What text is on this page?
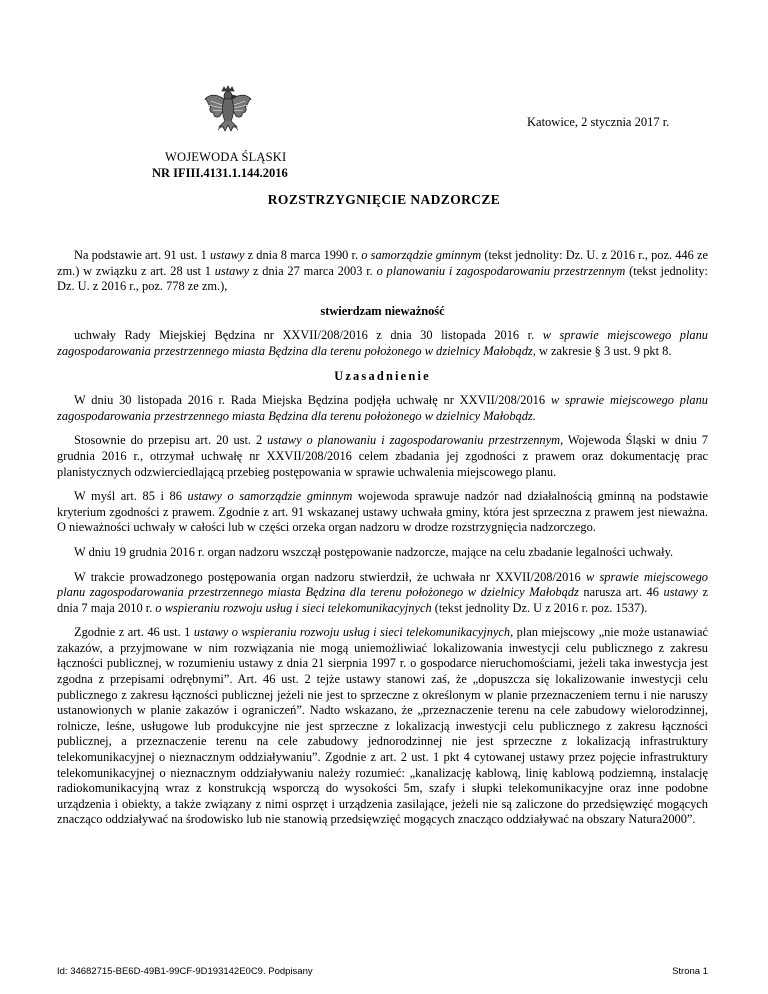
Katowice, 2 stycznia 2017 r.
WOJEWODA ŚLĄSKI
NR IFIII.4131.1.144.2016
ROZSTRZYGNIĘCIE NADZORCZE

Na podstawie art. 91 ust. 1 ustawy z dnia 8 marca 1990 r. o samorządzie gminnym (tekst jednolity: Dz. U. z 2016 r., poz. 446 ze zm.) w związku z art. 28 ust 1 ustawy z dnia 27 marca 2003 r. o planowaniu i zagospodarowaniu przestrzennym (tekst jednolity: Dz. U. z 2016 r., poz. 778 ze zm.),

stwierdzam nieważność

uchwały Rady Miejskiej Będzina nr XXVII/208/2016 z dnia 30 listopada 2016 r. w sprawie miejscowego planu zagospodarowania przestrzennego miasta Będzina dla terenu położonego w dzielnicy Małobądz, w zakresie § 3 ust. 9 pkt 8.

Uzasadnienie

W dniu 30 listopada 2016 r. Rada Miejska Będzina podjęła uchwałę nr XXVII/208/2016 w sprawie miejscowego planu zagospodarowania przestrzennego miasta Będzina dla terenu położonego w dzielnicy Małobądz.

Stosownie do przepisu art. 20 ust. 2 ustawy o planowaniu i zagospodarowaniu przestrzennym, Wojewoda Śląski w dniu 7 grudnia 2016 r., otrzymał uchwałę nr XXVII/208/2016 celem zbadania jej zgodności z prawem oraz dokumentację prac planistycznych odzwierciedlającą przebieg postępowania w sprawie uchwalenia miejscowego planu.

W myśl art. 85 i 86 ustawy o samorządzie gminnym wojewoda sprawuje nadzór nad działalnością gminną na podstawie kryterium zgodności z prawem. Zgodnie z art. 91 wskazanej ustawy uchwała gminy, która jest sprzeczna z prawem jest nieważna. O nieważności uchwały w całości lub w części orzeka organ nadzoru w drodze rozstrzygnięcia nadzorczego.

W dniu 19 grudnia 2016 r. organ nadzoru wszczął postępowanie nadzorcze, mające na celu zbadanie legalności uchwały.

W trakcie prowadzonego postępowania organ nadzoru stwierdził, że uchwała nr XXVII/208/2016 w sprawie miejscowego planu zagospodarowania przestrzennego miasta Będzina dla terenu położonego w dzielnicy Małobądz narusza art. 46 ustawy z dnia 7 maja 2010 r. o wspieraniu rozwoju usług i sieci telekomunikacyjnych (tekst jednolity Dz. U z 2016 r. poz. 1537).

Zgodnie z art. 46 ust. 1 ustawy o wspieraniu rozwoju usług i sieci telekomunikacyjnych, plan miejscowy „nie może ustanawiać zakazów, a przyjmowane w nim rozwiązania nie mogą uniemożliwiać lokalizowania inwestycji celu publicznego z zakresu łączności publicznej, w rozumieniu ustawy z dnia 21 sierpnia 1997 r. o gospodarce nieruchomościami, jeżeli taka inwestycja jest zgodna z przepisami odrębnymi”. Art. 46 ust. 2 tejże ustawy stanowi zaś, że „dopuszcza się lokalizowanie inwestycji celu publicznego z zakresu łączności publicznej jeżeli nie jest to sprzeczne z określonym w planie przeznaczeniem ternu i nie naruszy ustanowionych w planie zakazów i ograniczeń”. Nadto wskazano, że „przeznaczenie terenu na cele zabudowy wielorodzinnej, rolnicze, leśne, usługowe lub produkcyjne nie jest sprzeczne z lokalizacją inwestycji celu publicznego z zakresu łączności publicznej, a przeznaczenie terenu na cele zabudowy jednorodzinnej nie jest sprzeczne z lokalizacją infrastruktury telekomunikacyjnej o nieznacznym oddziaływaniu”. Zgodnie z art. 2 ust. 1 pkt 4 cytowanej ustawy przez pojęcie infrastruktury telekomunikacyjnej o nieznacznym oddziaływaniu należy rozumieć: „kanalizację kablową, linię kablową podziemną, instalację radiokomunikacyjną wraz z konstrukcją wsporczą do wysokości 5m, szafy i słupki telekomunikacyjne oraz inne podobne urządzenia i obiekty, a także związany z nimi osprzęt i urządzenia zasilające, jeżeli nie są zaliczone do przedsięwzięć mogących znacząco oddziaływać na środowisko lub nie stanowią przedsięwzięć mogących znacząco oddziaływać na obszary Natura2000”.

Id: 34682715-BE6D-49B1-99CF-9D193142E0C9. Podpisany	Strona 1
